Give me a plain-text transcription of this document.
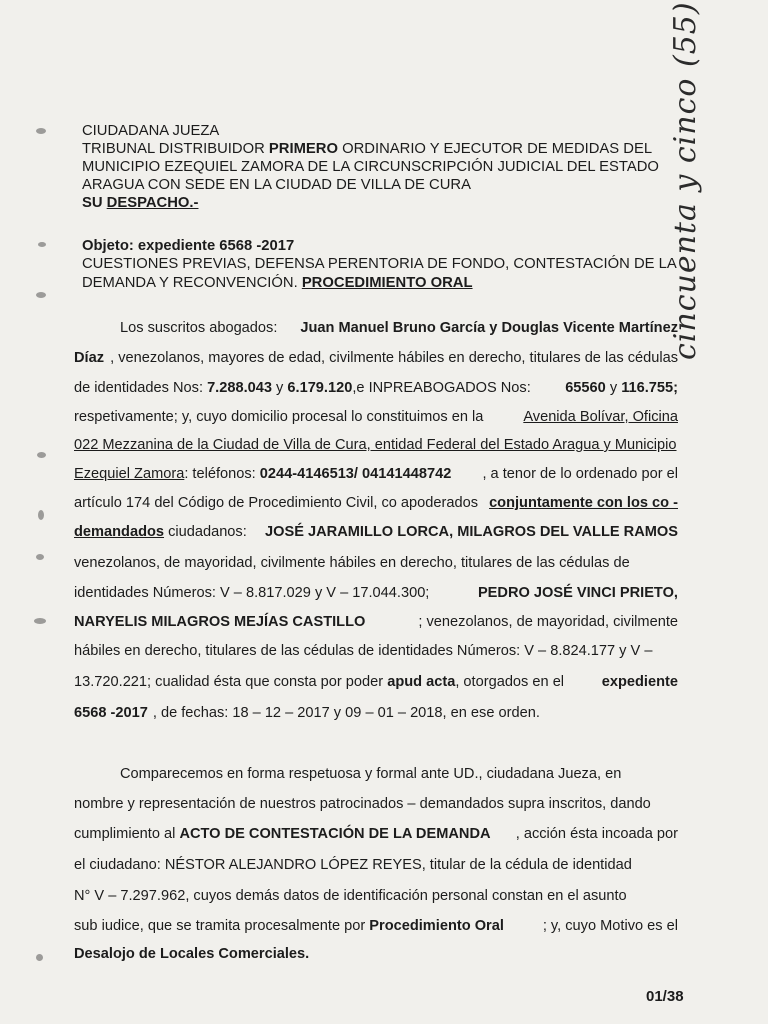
cincuenta y cinco (55)
CIUDADANA JUEZA
TRIBUNAL DISTRIBUIDOR PRIMERO ORDINARIO Y EJECUTOR DE MEDIDAS DEL
MUNICIPIO EZEQUIEL ZAMORA DE LA CIRCUNSCRIPCIÓN JUDICIAL DEL ESTADO
ARAGUA CON SEDE EN LA CIUDAD DE VILLA DE CURA
SU DESPACHO.-
Objeto: expediente 6568 -2017
CUESTIONES PREVIAS, DEFENSA PERENTORIA DE FONDO, CONTESTACIÓN DE LA
DEMANDA Y RECONVENCIÓN. PROCEDIMIENTO ORAL
Los suscritos abogados: Juan Manuel Bruno García y Douglas Vicente Martínez
Díaz , venezolanos, mayores de edad, civilmente hábiles en derecho, titulares de las cédulas
de identidades Nos: 7.288.043 y 6.179.120,e INPREABOGADOS Nos: 65560 y 116.755;
respetivamente; y, cuyo domicilio procesal lo constituimos en la	Avenida Bolívar, Oficina
022 Mezzanina de la Ciudad de Villa de Cura, entidad Federal del Estado Aragua y Municipio
Ezequiel Zamora: teléfonos: 0244-4146513/ 04141448742 , a tenor de lo ordenado por el
artículo 174 del Código de Procedimiento Civil, co apoderados conjuntamente con los co -
demandados ciudadanos: JOSÉ JARAMILLO LORCA, MILAGROS DEL VALLE RAMOS
venezolanos, de mayoridad, civilmente hábiles en derecho, titulares de las cédulas de
identidades Números: V – 8.817.029 y V – 17.044.300;	PEDRO JOSÉ VINCI PRIETO,
NARYELIS MILAGROS MEJÍAS CASTILLO	; venezolanos, de mayoridad, civilmente
hábiles en derecho, titulares de las cédulas de identidades Números: V – 8.824.177 y V –
13.720.221; cualidad ésta que consta por poder apud acta, otorgados en el	expediente
6568 -2017 , de fechas: 18 – 12 – 2017 y 09 – 01 – 2018, en ese orden.
Comparecemos en forma respetuosa y formal ante UD., ciudadana Jueza, en
nombre y representación de nuestros patrocinados – demandados supra inscritos, dando
cumplimiento al ACTO DE CONTESTACIÓN DE LA DEMANDA , acción ésta incoada por
el ciudadano: NÉSTOR ALEJANDRO LÓPEZ REYES, titular de la cédula de identidad
N° V – 7.297.962, cuyos demás datos de identificación personal constan en el asunto
sub iudice, que se tramita procesalmente por Procedimiento Oral	; y, cuyo Motivo es el
Desalojo de Locales Comerciales.
01/38
